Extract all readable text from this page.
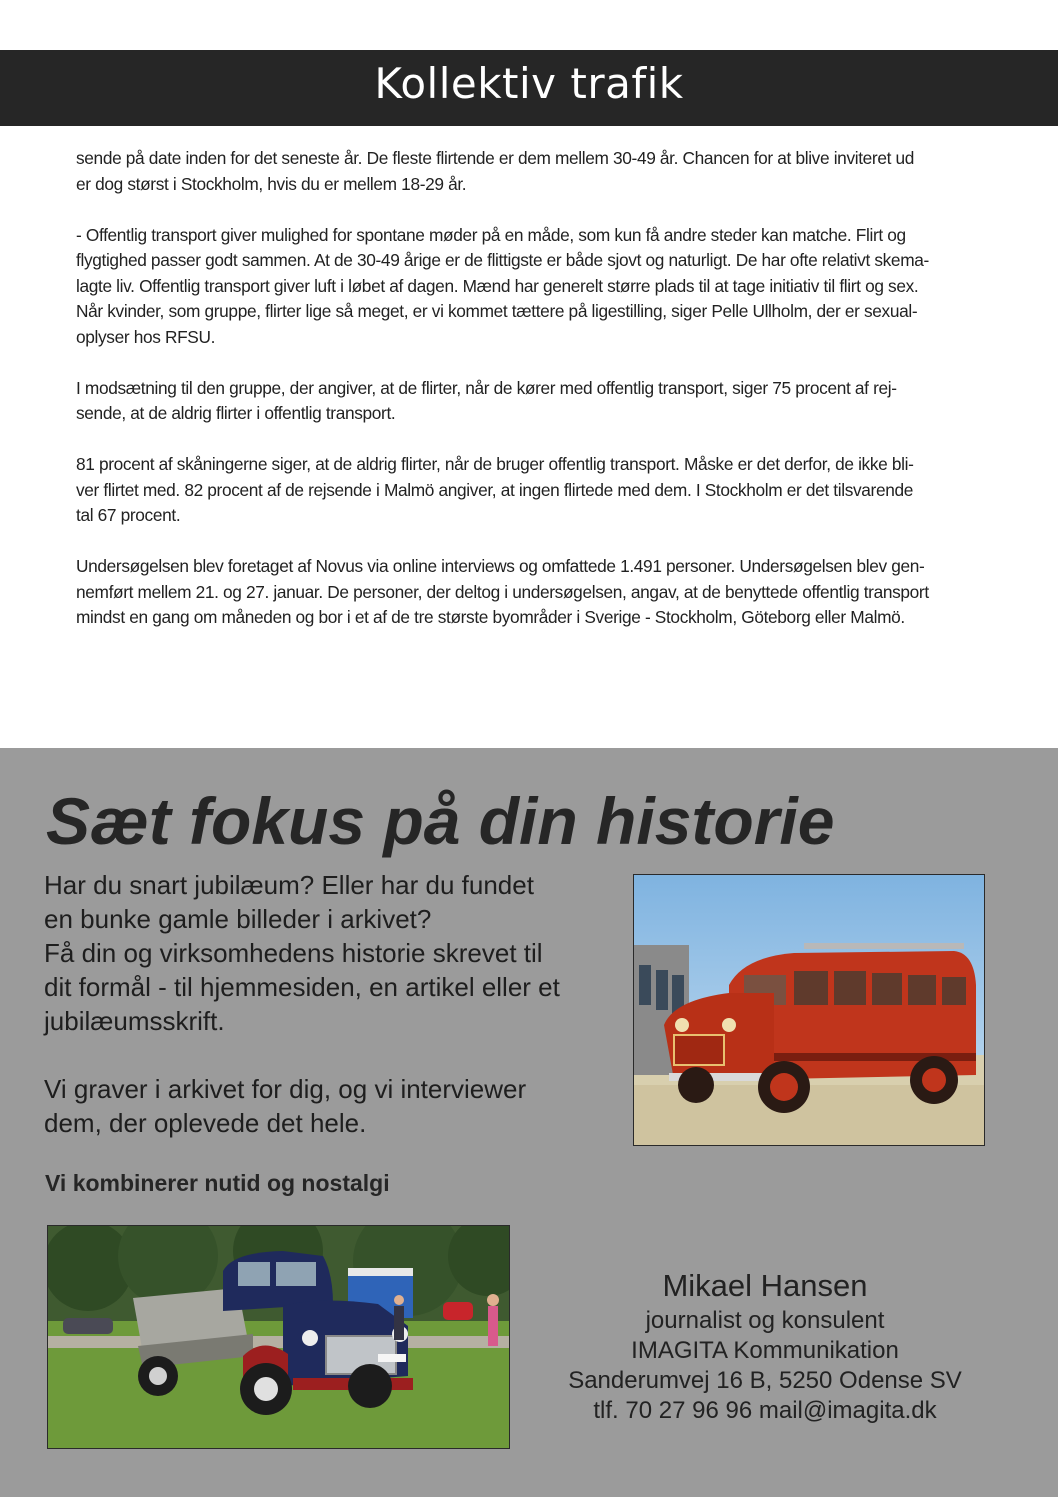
Kollektiv trafik

sende på date inden for det seneste år. De fleste flirtende er dem mellem 30-49 år. Chancen for at blive inviteret ud
er dog størst i Stockholm, hvis du er mellem 18-29 år.

- Offentlig transport giver mulighed for spontane møder på en måde, som kun få andre steder kan matche. Flirt og
flygtighed passer godt sammen. At de 30-49 årige er de flittigste er både sjovt og naturligt. De har ofte relativt skema-
lagte liv. Offentlig transport giver luft i løbet af dagen. Mænd har generelt større plads til at tage initiativ til flirt og sex.
Når kvinder, som gruppe, flirter lige så meget, er vi kommet tættere på ligestilling, siger Pelle Ullholm, der er sexual-
oplyser hos RFSU.

I modsætning til den gruppe, der angiver, at de flirter, når de kører med offentlig transport, siger 75 procent af rej-
sende, at de aldrig flirter i offentlig transport.

81 procent af skåningerne siger, at de aldrig flirter, når de bruger offentlig transport. Måske er det derfor, de ikke bli-
ver flirtet med. 82 procent af de rejsende i Malmö angiver, at ingen flirtede med dem. I Stockholm er det tilsvarende
tal 67 procent.

Undersøgelsen blev foretaget af Novus via online interviews og omfattede 1.491 personer. Undersøgelsen blev gen-
nemført mellem 21. og 27. januar. De personer, der deltog i undersøgelsen, angav, at de benyttede offentlig transport
mindst en gang om måneden og bor i et af de tre største byområder i Sverige - Stockholm, Göteborg eller Malmö.

Sæt fokus på din historie

Har du snart jubilæum? Eller har du fundet
en bunke gamle billeder i arkivet?
Få din og virksomhedens historie skrevet til
dit formål - til hjemmesiden, en artikel eller et
jubilæumsskrift.

Vi graver i arkivet for dig, og vi interviewer
dem, der oplevede det hele.

Vi kombinerer nutid og nostalgi
Mikael Hansen
journalist og konsulent
IMAGITA Kommunikation
Sanderumvej 16 B, 5250 Odense SV
tlf. 70 27 96 96 mail@imagita.dk
